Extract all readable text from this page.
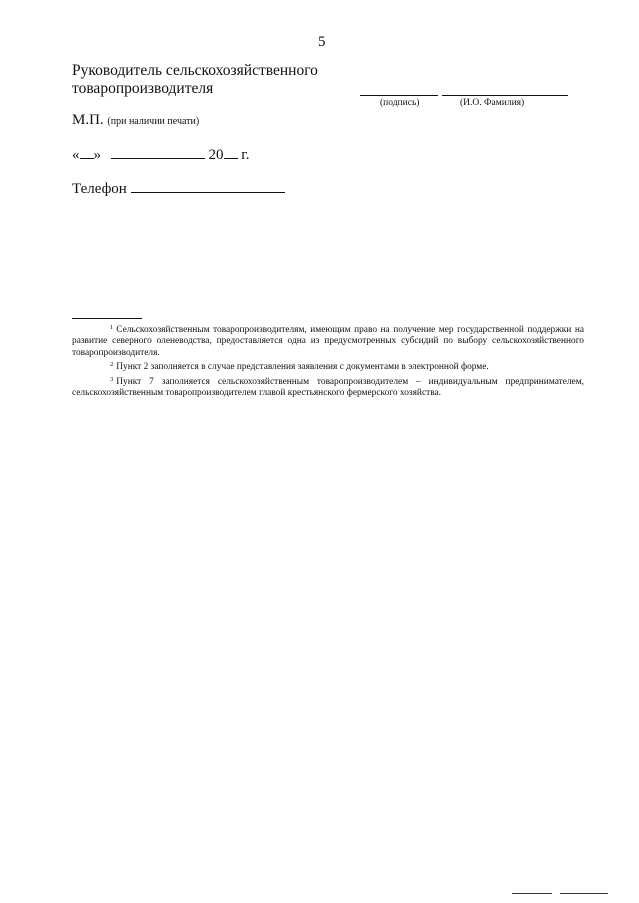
5
Руководитель сельскохозяйственного
товаропроизводителя
(подпись)	(И.О. Фамилия)
М.П. (при наличии печати)
« »	20 г.
Телефон

$^1$ Сельскохозяйственным товаропроизводителям, имеющим право на получение мер государственной поддержки на развитие северного оленеводства, предоставляется одна из предусмотренных субсидий по выбору сельскохозяйственного товаропроизводителя.

$^2$ Пункт 2 заполняется в случае представления заявления с документами в электронной форме.

$^3$ Пункт 7 заполняется сельскохозяйственным товаропроизводителем – индивидуальным предпринимателем, сельскохозяйственным товаропроизводителем главой крестьянского фермерского хозяйства.
